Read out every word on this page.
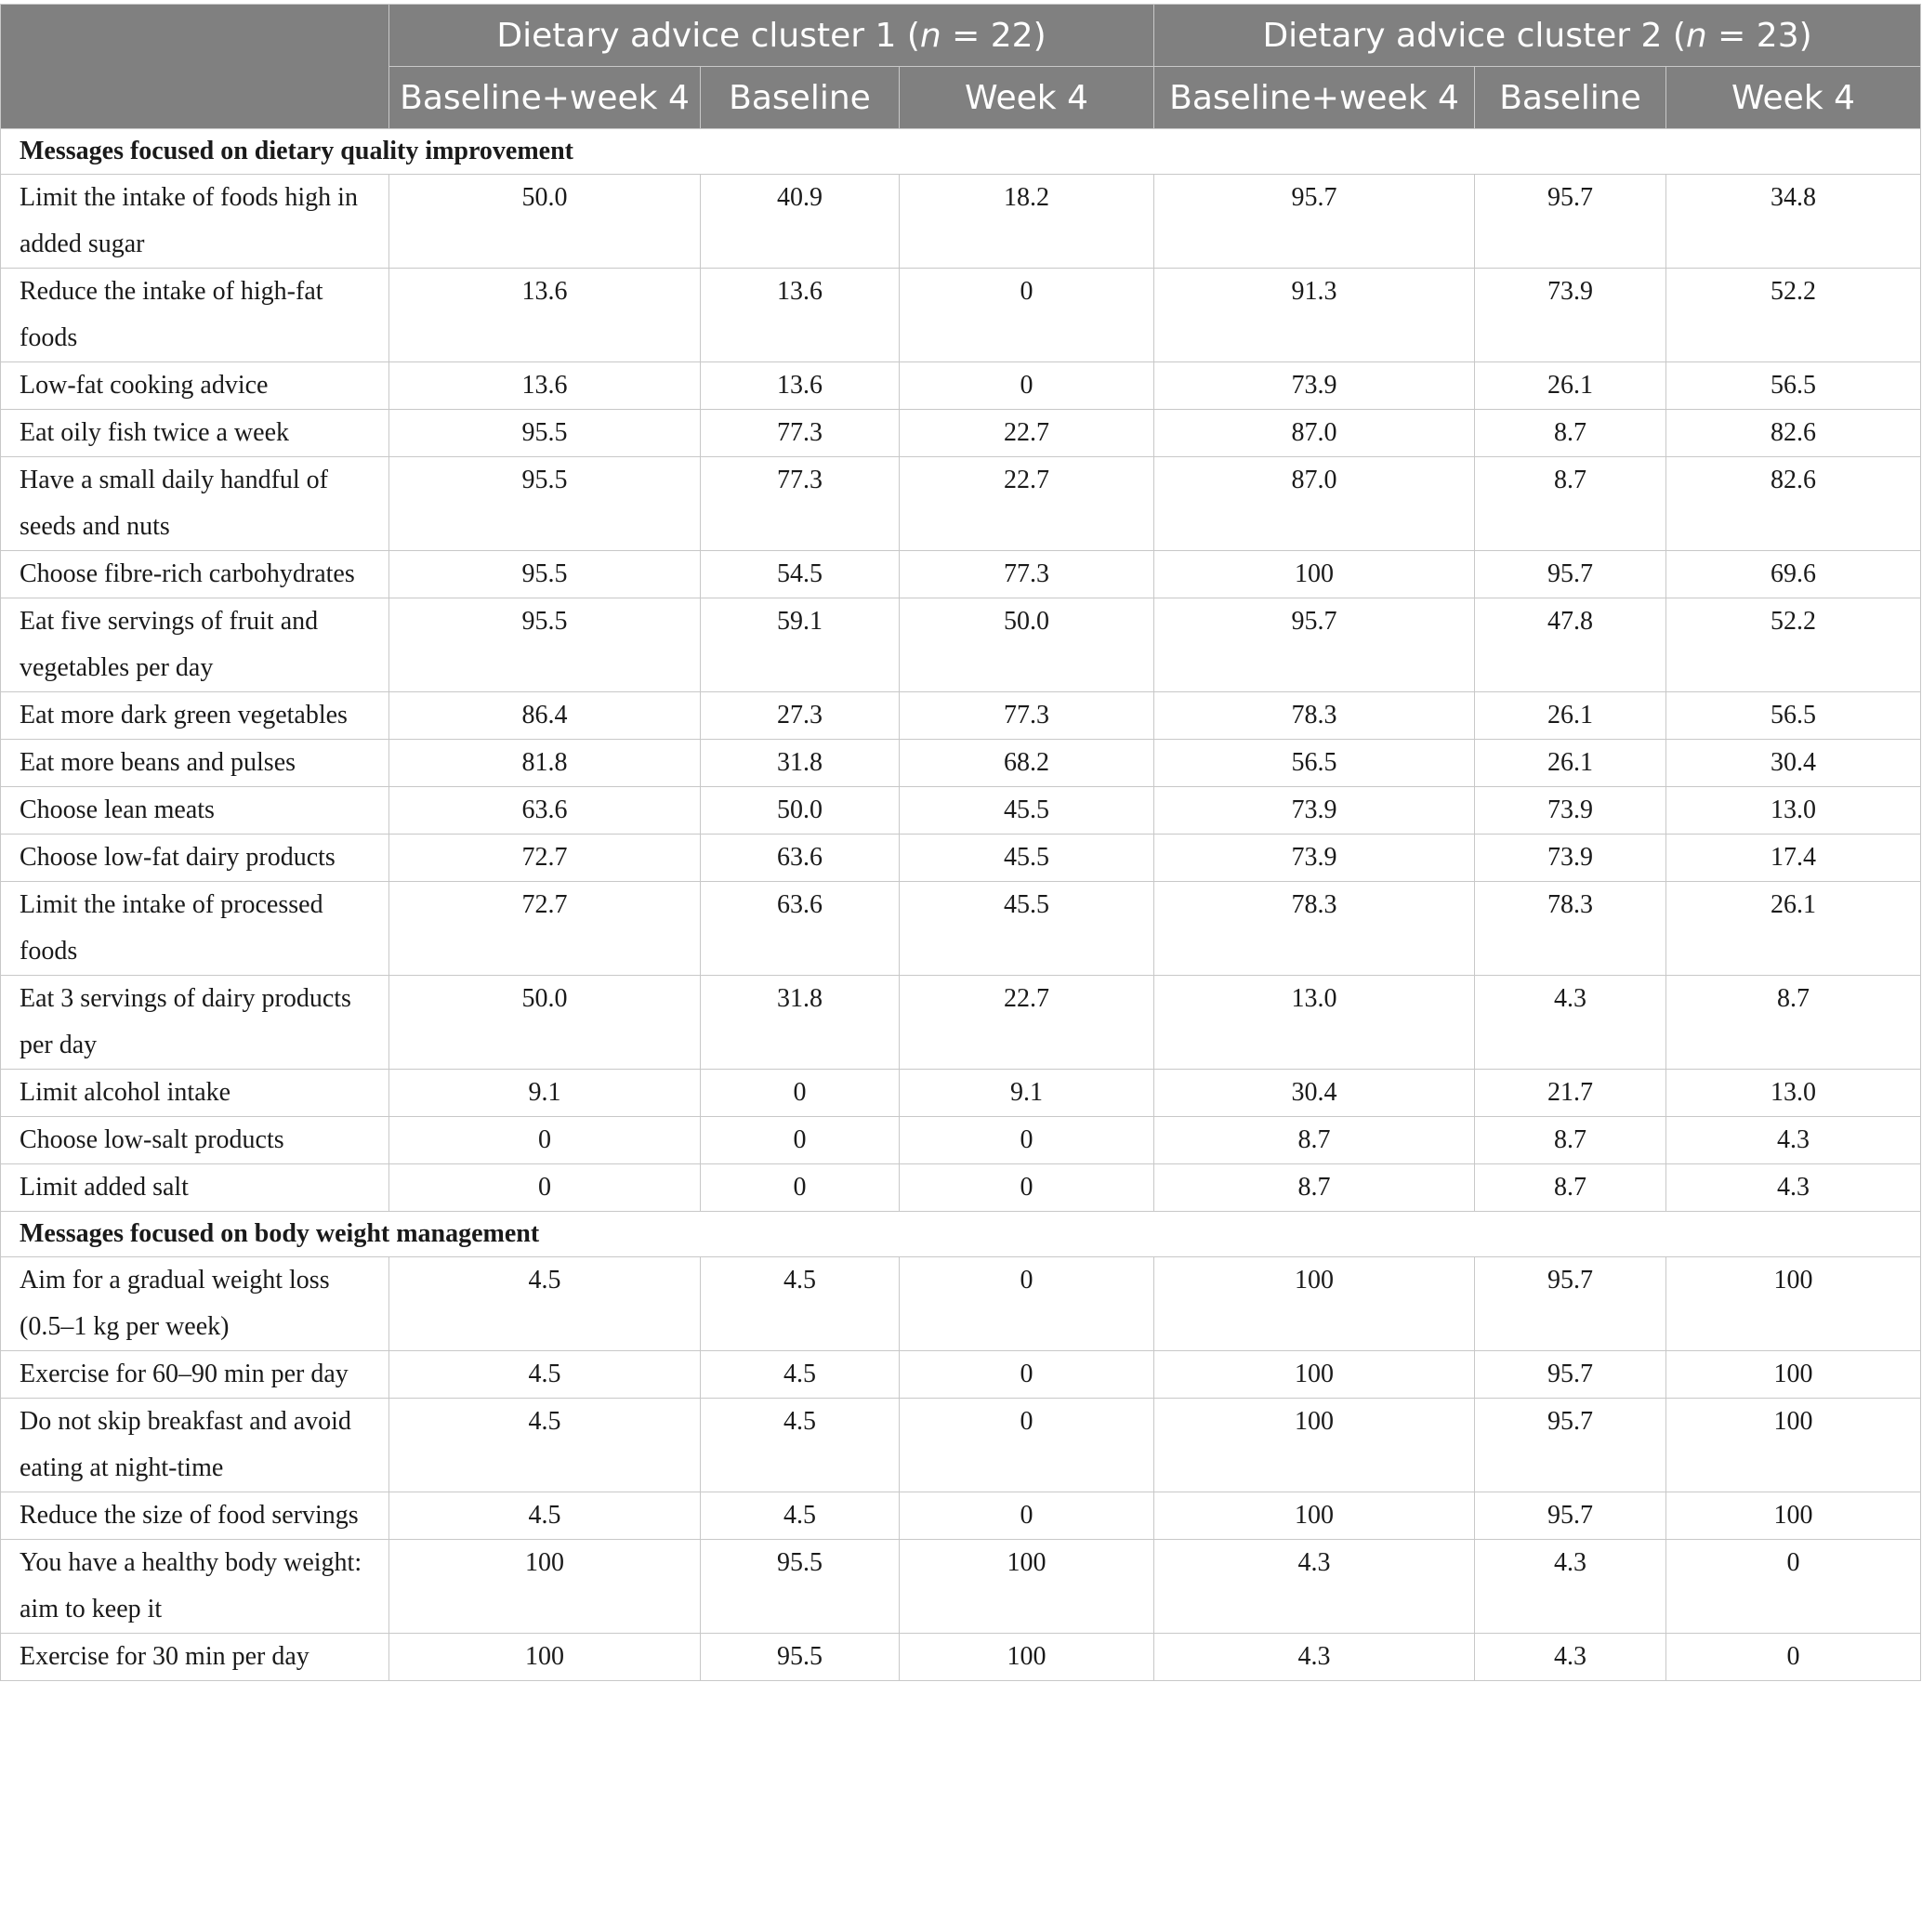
	Dietary advice cluster 1 (n = 22)			Dietary advice cluster 2 (n = 23)		
	Baseline+week 4	Baseline	Week 4	Baseline+week 4	Baseline	Week 4
Messages focused on dietary quality improvement						
Limit the intake of foods high in added sugar	50.0	40.9	18.2	95.7	95.7	34.8
Reduce the intake of high-fat foods	13.6	13.6	0	91.3	73.9	52.2
Low-fat cooking advice	13.6	13.6	0	73.9	26.1	56.5
Eat oily fish twice a week	95.5	77.3	22.7	87.0	8.7	82.6
Have a small daily handful of seeds and nuts	95.5	77.3	22.7	87.0	8.7	82.6
Choose fibre-rich carbohydrates	95.5	54.5	77.3	100	95.7	69.6
Eat five servings of fruit and vegetables per day	95.5	59.1	50.0	95.7	47.8	52.2
Eat more dark green vegetables	86.4	27.3	77.3	78.3	26.1	56.5
Eat more beans and pulses	81.8	31.8	68.2	56.5	26.1	30.4
Choose lean meats	63.6	50.0	45.5	73.9	73.9	13.0
Choose low-fat dairy products	72.7	63.6	45.5	73.9	73.9	17.4
Limit the intake of processed foods	72.7	63.6	45.5	78.3	78.3	26.1
Eat 3 servings of dairy products per day	50.0	31.8	22.7	13.0	4.3	8.7
Limit alcohol intake	9.1	0	9.1	30.4	21.7	13.0
Choose low-salt products	0	0	0	8.7	8.7	4.3
Limit added salt	0	0	0	8.7	8.7	4.3
Messages focused on body weight management						
Aim for a gradual weight loss (0.5–1 kg per week)	4.5	4.5	0	100	95.7	100
Exercise for 60–90 min per day	4.5	4.5	0	100	95.7	100
Do not skip breakfast and avoid eating at night-time	4.5	4.5	0	100	95.7	100
Reduce the size of food servings	4.5	4.5	0	100	95.7	100
You have a healthy body weight: aim to keep it	100	95.5	100	4.3	4.3	0
Exercise for 30 min per day	100	95.5	100	4.3	4.3	0
